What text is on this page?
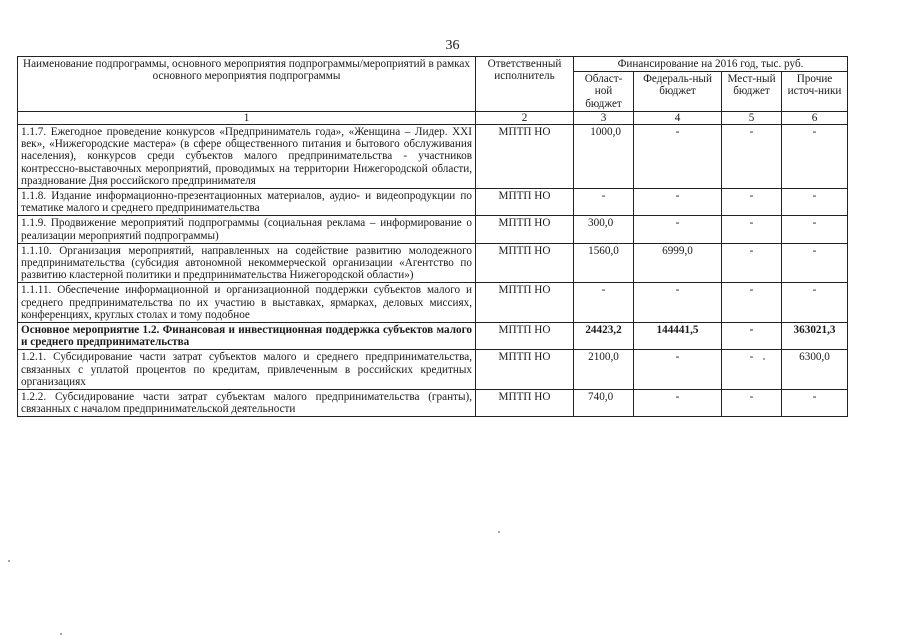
36
Наименование подпрограммы, основного мероприятия подпрограммы/мероприятий в рамках основного мероприятия подпрограммы	Ответственный исполнитель	Финансирование на 2016 год, тыс. руб.			
		Област-ной бюджет	Федераль-ный бюджет	Мест-ный бюджет	Прочие источ-ники
1	2	3	4	5	6
1.1.7. Ежегодное проведение конкурсов «Предприниматель года», «Женщина – Лидер. XXI век», «Нижегородские мастера» (в сфере общественного питания и бытового обслуживания населения), конкурсов среди субъектов малого предпринимательства - участников контрессно-выставочных мероприятий, проводимых на территории Нижегородской области, празднование Дня российского предпринимателя	МПТП НО	1000,0	-	-	-
1.1.8. Издание информационно-презентационных материалов, аудио- и видеопродукции по тематике малого и среднего предпринимательства	МПТП НО	-	-	-	-
1.1.9. Продвижение мероприятий подпрограммы (социальная реклама – информирование о реализации мероприятий подпрограммы)	МПТП НО	300,0	-	-	-
1.1.10. Организация мероприятий, направленных на содействие развитию молодежного предпринимательства (субсидия автономной некоммерческой организации «Агентство по развитию кластерной политики и предпринимательства Нижегородской области»)	МПТП НО	1560,0	6999,0	-	-
1.1.11. Обеспечение информационной и организационной поддержки субъектов малого и среднего предпринимательства по их участию в выставках, ярмарках, деловых миссиях, конференциях, круглых столах и тому подобное	МПТП НО	-	-	-	-
Основное мероприятие 1.2. Финансовая и инвестиционная поддержка субъектов малого и среднего предпринимательства	МПТП НО	24423,2	144441,5	-	363021,3
1.2.1. Субсидирование части затрат субъектов малого и среднего предпринимательства, связанных с уплатой процентов по кредитам, привлеченным в российских кредитных организациях	МПТП НО	2100,0	-	-	6300,0
1.2.2. Субсидирование части затрат субъектам малого предпринимательства (гранты), связанных с началом предпринимательской деятельности	МПТП НО	740,0	-	-	-
